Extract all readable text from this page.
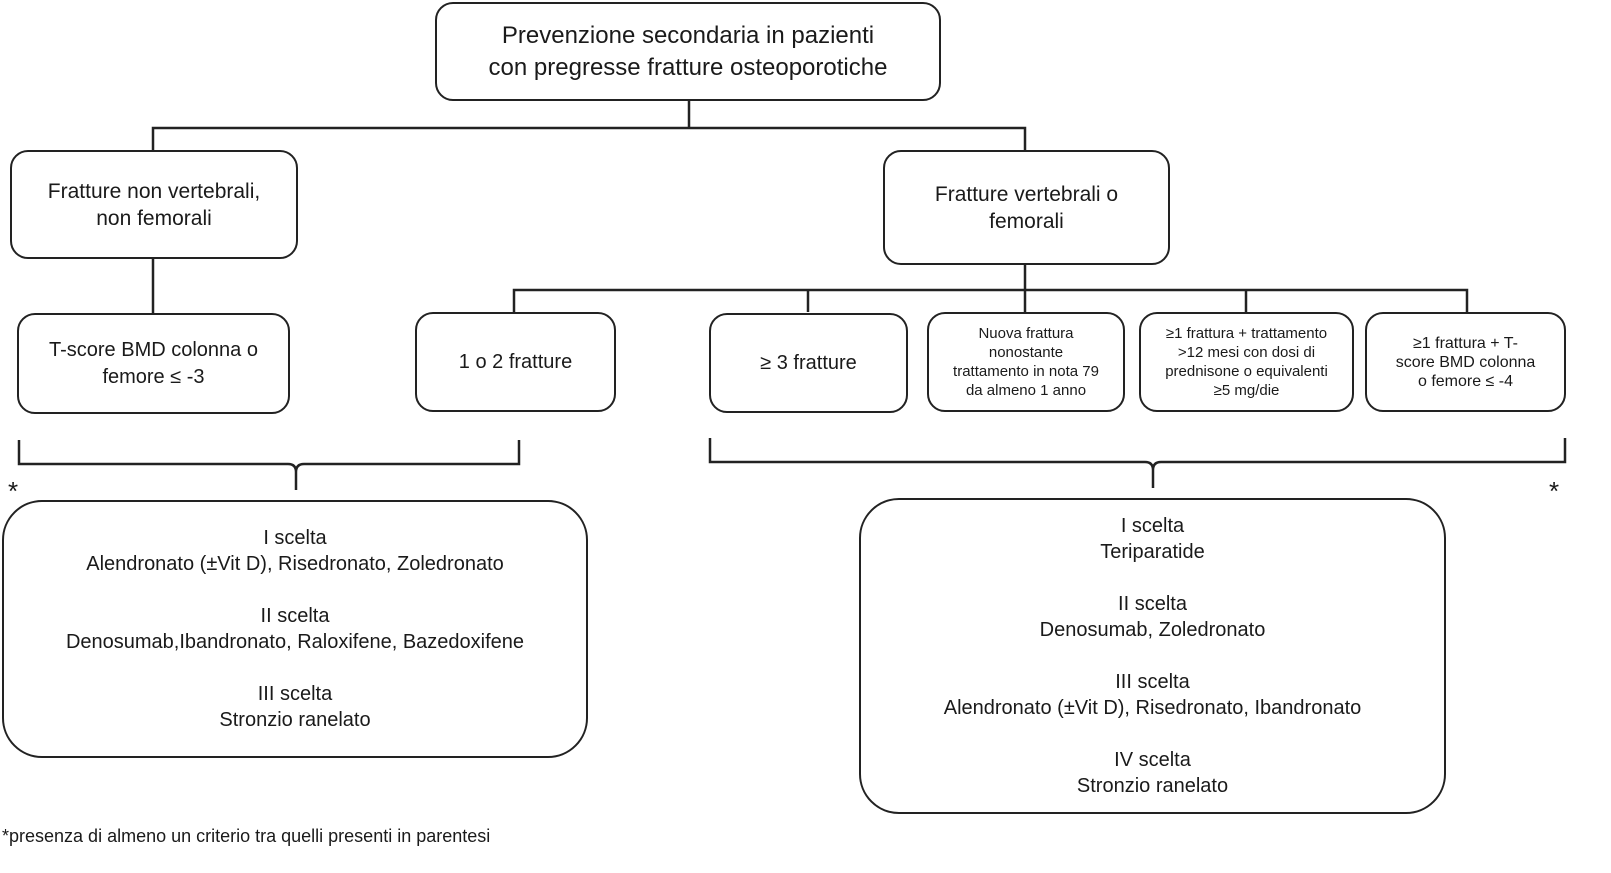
Prevenzione secondaria in pazienti
con pregresse fratture osteoporotiche
Fratture non vertebrali,
non femorali
Fratture vertebrali o
femorali
T-score BMD colonna o
femore ≤ -3
1 o 2 fratture	≥ 3 fratture
Nuova frattura
nonostante
trattamento in nota 79
da almeno 1 anno
≥1 frattura + trattamento
>12 mesi con dosi di
prednisone o equivalenti
≥5 mg/die
≥1 frattura + T-
score BMD colonna
o femore ≤ -4
*	*
I scelta
Alendronato (±Vit D), Risedronato, Zoledronato
II scelta
Denosumab,Ibandronato, Raloxifene, Bazedoxifene
III scelta
Stronzio ranelato
I scelta
Teriparatide
II scelta
Denosumab, Zoledronato
III scelta
Alendronato (±Vit D), Risedronato, Ibandronato
IV scelta
Stronzio ranelato
*presenza di almeno un criterio tra quelli presenti in parentesi
